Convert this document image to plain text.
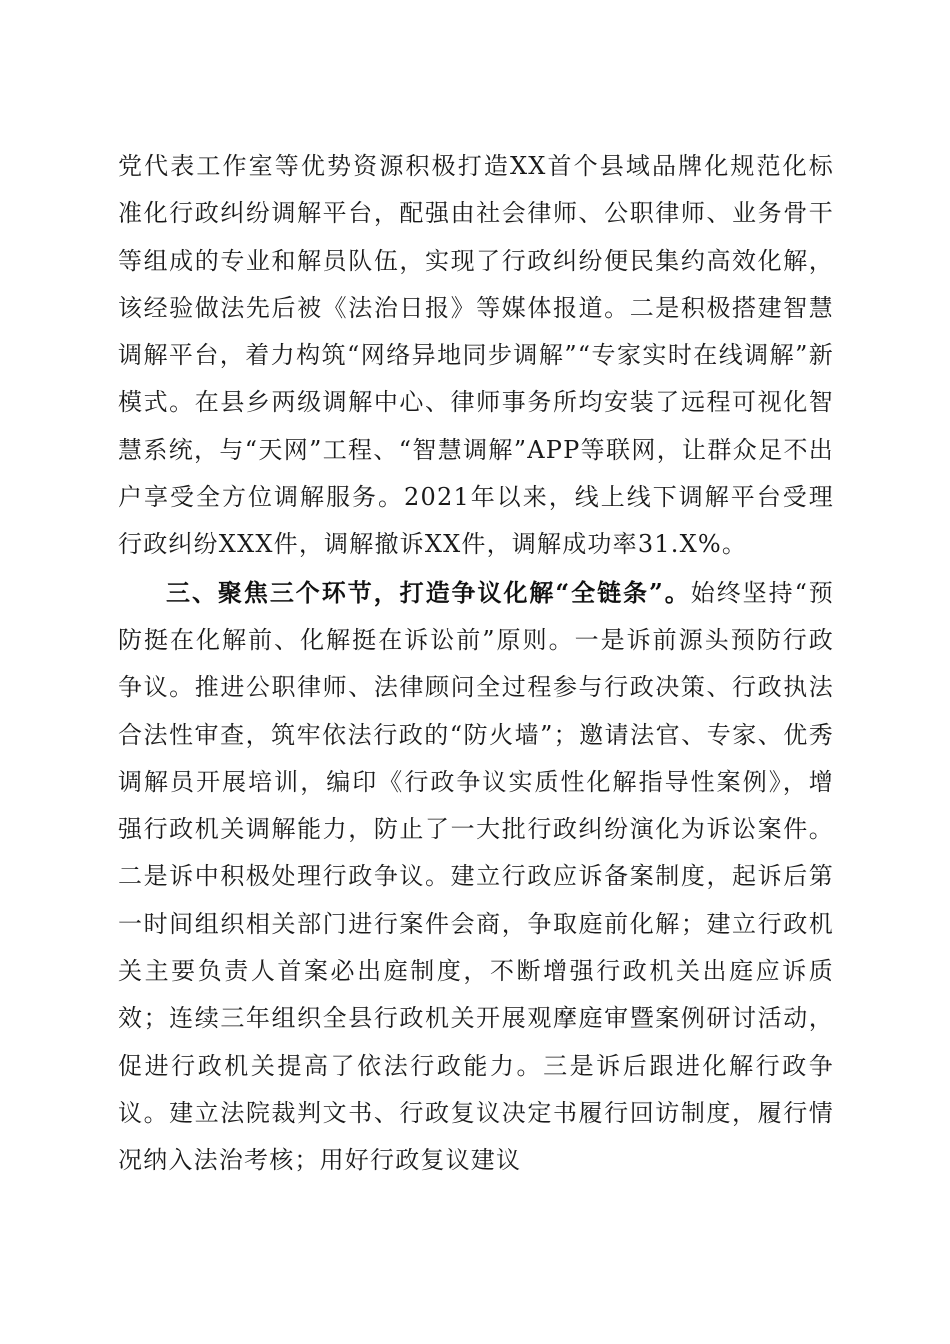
党代表工作室等优势资源积极打造XX首个县域品牌化规范化标准化行政纠纷调解平台，配强由社会律师、公职律师、业务骨干等组成的专业和解员队伍，实现了行政纠纷便民集约高效化解，该经验做法先后被《法治日报》等媒体报道。二是积极搭建智慧调解平台，着力构筑“网络异地同步调解”“专家实时在线调解”新模式。在县乡两级调解中心、律师事务所均安装了远程可视化智慧系统，与“天网”工程、“智慧调解”APP等联网，让群众足不出户享受全方位调解服务。2021年以来，线上线下调解平台受理行政纠纷XXX件，调解撤诉XX件，调解成功率31.X%。

三、聚焦三个环节，打造争议化解“全链条”。始终坚持“预防挺在化解前、化解挺在诉讼前”原则。一是诉前源头预防行政争议。推进公职律师、法律顾问全过程参与行政决策、行政执法合法性审查，筑牢依法行政的“防火墙”；邀请法官、专家、优秀调解员开展培训，编印《行政争议实质性化解指导性案例》，增强行政机关调解能力，防止了一大批行政纠纷演化为诉讼案件。二是诉中积极处理行政争议。建立行政应诉备案制度，起诉后第一时间组织相关部门进行案件会商，争取庭前化解；建立行政机关主要负责人首案必出庭制度，不断增强行政机关出庭应诉质效；连续三年组织全县行政机关开展观摩庭审暨案例研讨活动，促进行政机关提高了依法行政能力。三是诉后跟进化解行政争议。建立法院裁判文书、行政复议决定书履行回访制度，履行情况纳入法治考核；用好行政复议建议
